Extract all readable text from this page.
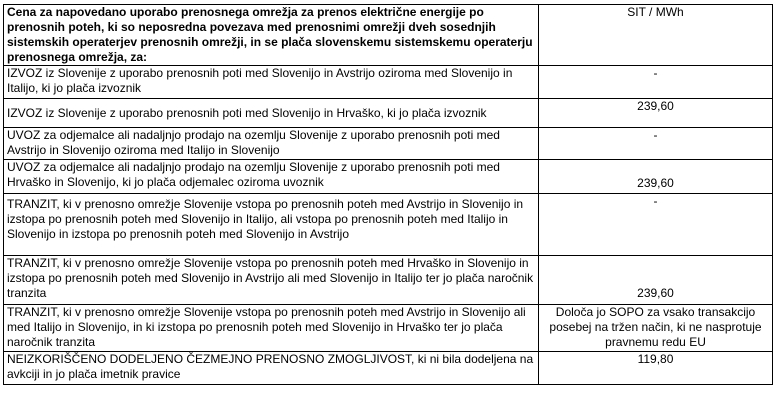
Cena za napovedano uporabo prenosnega omrežja za prenos električne energije po prenosnih poteh, ki so neposredna povezava med prenosnimi omrežji dveh sosednjih sistemskih operaterjev prenosnih omrežji, in se plača slovenskemu sistemskemu operaterju prenosnega omrežja, za:	SIT / MWh
IZVOZ iz Slovenije z uporabo prenosnih poti med Slovenijo in Avstrijo oziroma med Slovenijo in Italijo, ki jo plača izvoznik	-
IZVOZ iz Slovenije z uporabo prenosnih poti med Slovenijo in Hrvaško, ki jo plača izvoznik	239,60
UVOZ za odjemalce ali nadaljnjo prodajo na ozemlju Slovenije z uporabo prenosnih poti med Avstrijo in Slovenijo oziroma med Italijo in Slovenijo	-
UVOZ za odjemalce ali nadaljnjo prodajo na ozemlju Slovenije z uporabo prenosnih poti med Hrvaško in Slovenijo, ki jo plača odjemalec oziroma uvoznik	239,60
TRANZIT, ki v prenosno omrežje Slovenije vstopa po prenosnih poteh med Avstrijo in Slovenijo in izstopa po prenosnih poteh med Slovenijo in Italijo, ali vstopa po prenosnih poteh med Italijo in Slovenijo in izstopa po prenosnih poteh med Slovenijo in Avstrijo	-
TRANZIT, ki v prenosno omrežje Slovenije vstopa po prenosnih poteh med Hrvaško in Slovenijo in izstopa po prenosnih poteh med Slovenijo in Avstrijo ali med Slovenijo in Italijo ter jo plača naročnik tranzita	239,60
TRANZIT, ki v prenosno omrežje Slovenije vstopa po prenosnih poteh med Avstrijo in Slovenijo ali med Italijo in Slovenijo, in ki izstopa po prenosnih poteh med Slovenijo in Hrvaško ter jo plača naročnik tranzita	Določa jo SOPO za vsako transakcijo posebej na tržen način, ki ne nasprotuje pravnemu redu EU
NEIZKORIŠČENO DODELJENO ČEZMEJNO PRENOSNO ZMOGLJIVOST, ki ni bila dodeljena na avkciji in jo plača imetnik pravice	119,80
